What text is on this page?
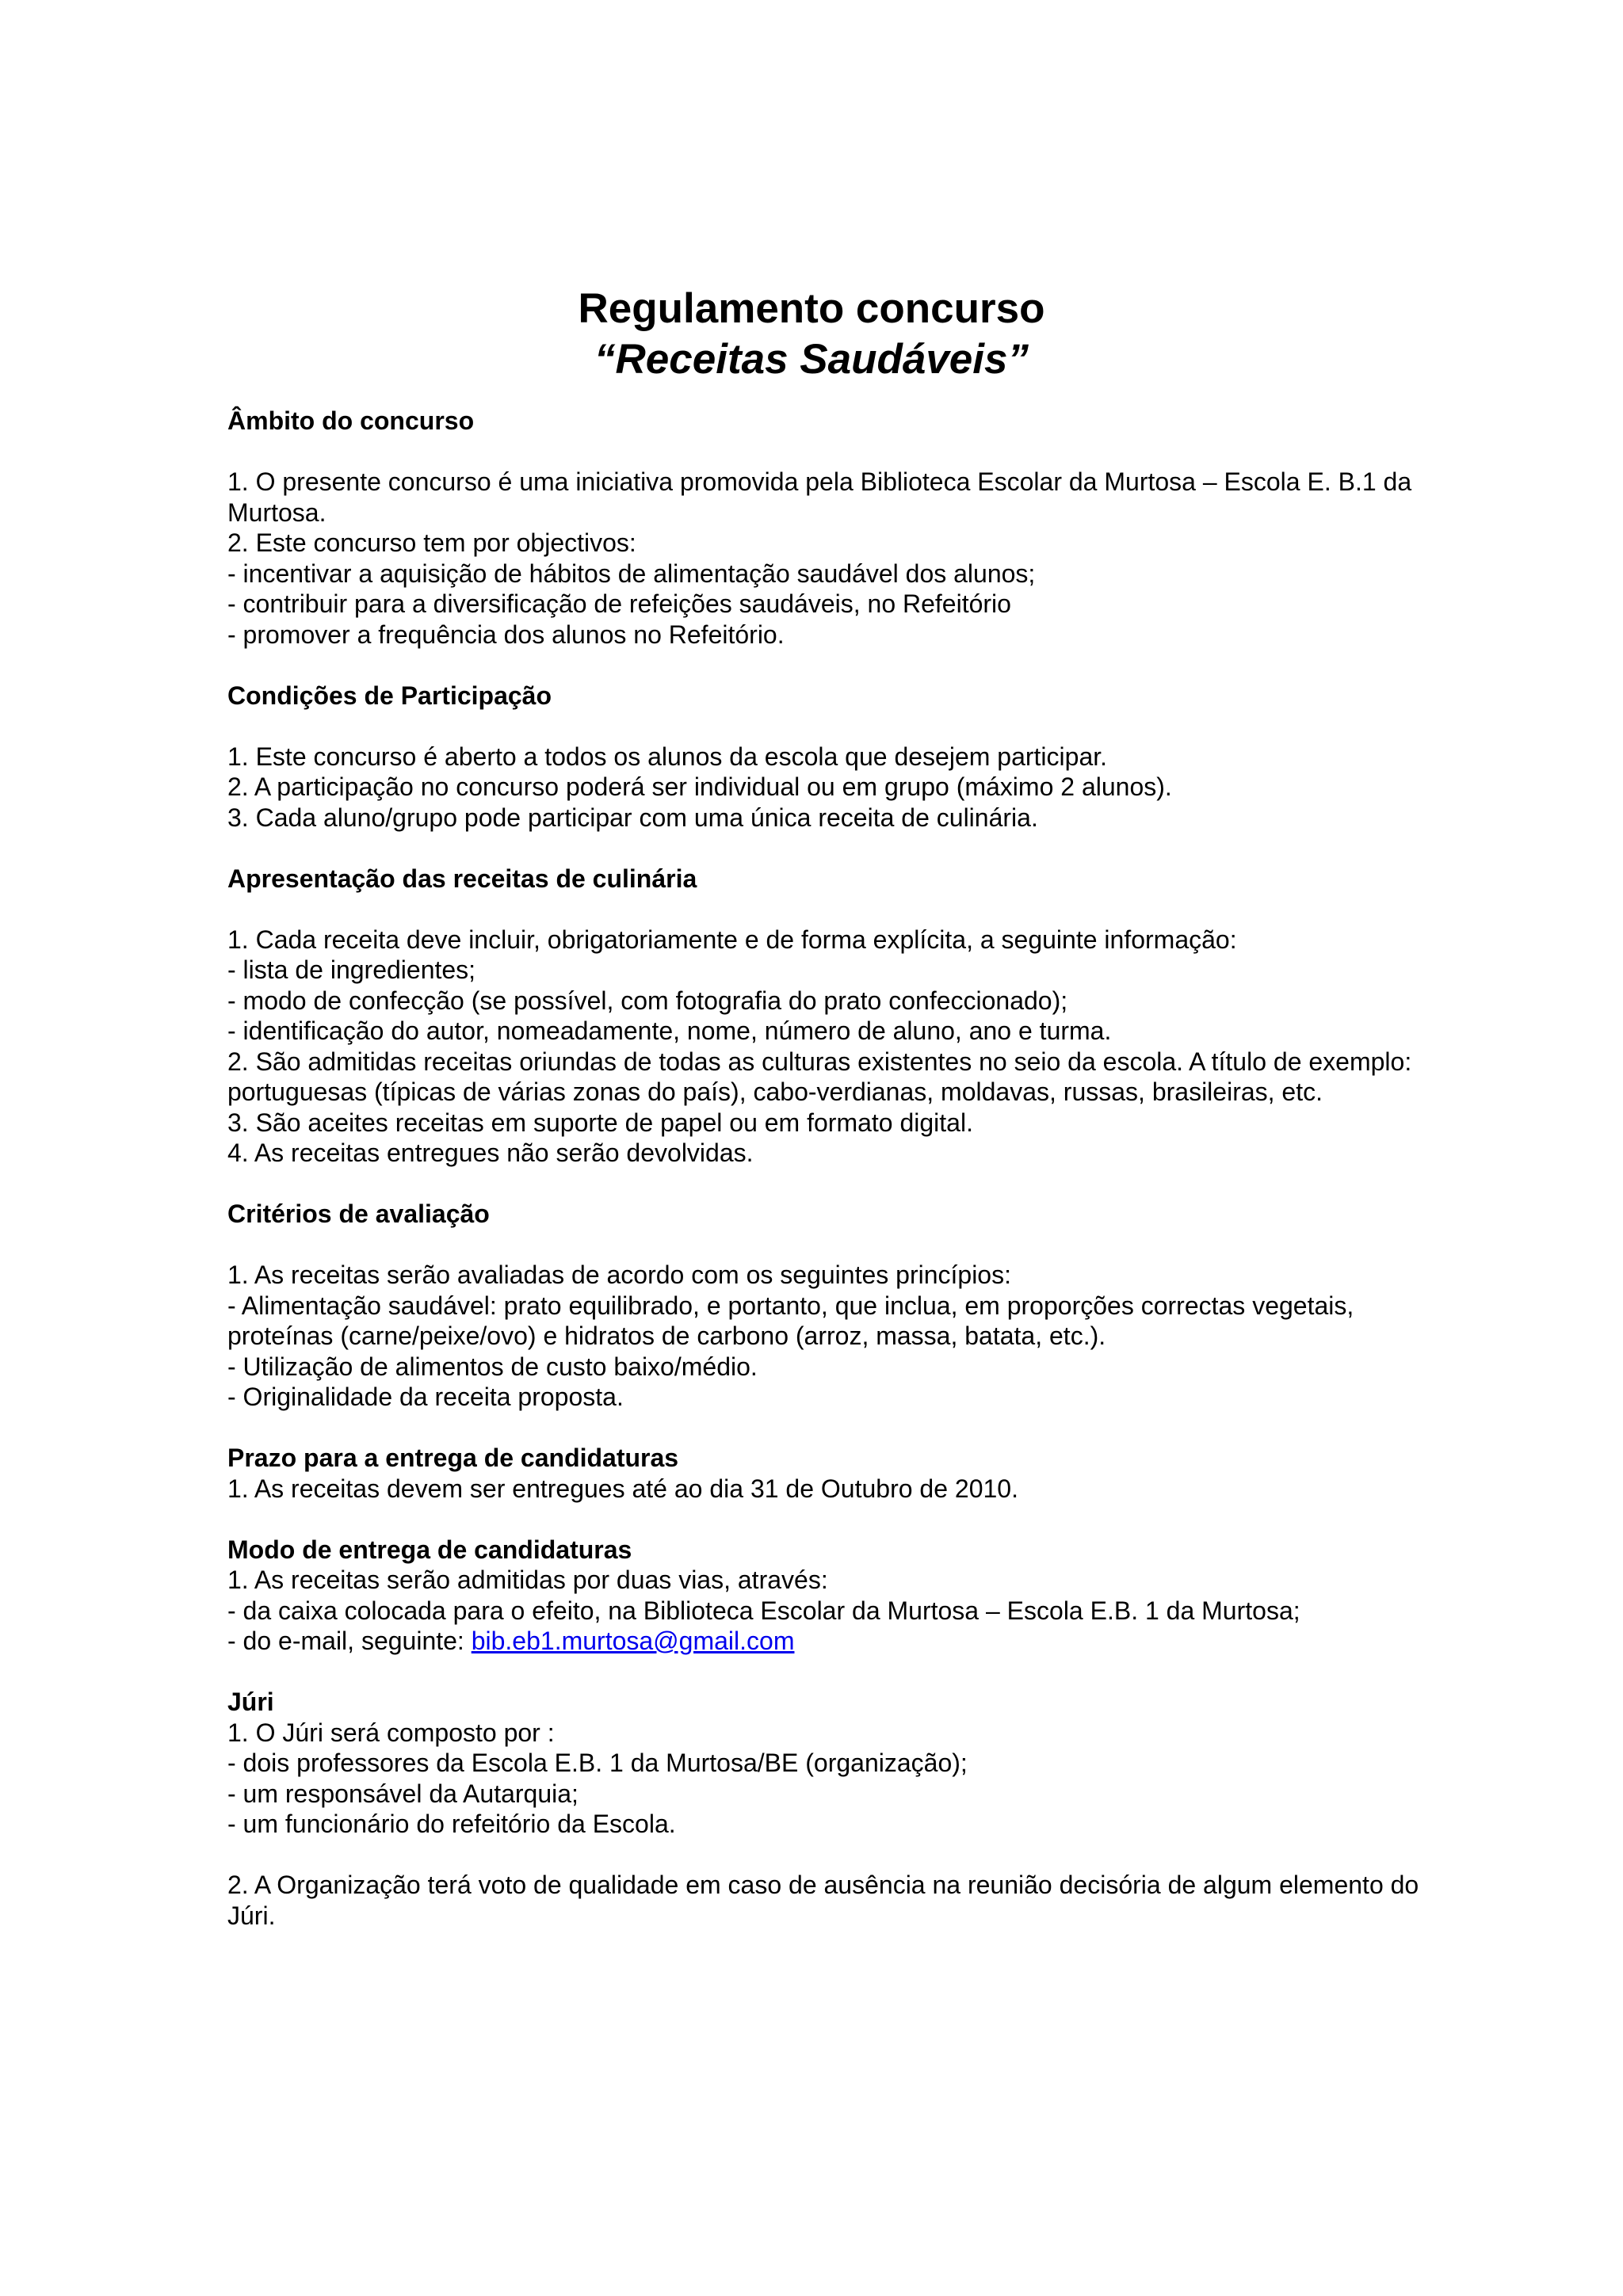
Regulamento concurso

“Receitas Saudáveis”

Âmbito do concurso

1. O presente concurso é uma iniciativa promovida pela Biblioteca Escolar da Murtosa – Escola E. B.1 da Murtosa.

2. Este concurso tem por objectivos:

- incentivar a aquisição de hábitos de alimentação saudável dos alunos;

- contribuir para a diversificação de refeições saudáveis, no Refeitório

- promover a frequência dos alunos no Refeitório.

Condições de Participação

1. Este concurso é aberto a todos os alunos da escola que desejem participar.

2. A participação no concurso poderá ser individual ou em grupo (máximo 2 alunos).

3. Cada aluno/grupo pode participar com uma única receita de culinária.

Apresentação das receitas de culinária

1. Cada receita deve incluir, obrigatoriamente e de forma explícita, a seguinte informação:

- lista de ingredientes;

- modo de confecção (se possível, com fotografia do prato confeccionado);

- identificação do autor, nomeadamente, nome, número de aluno, ano e turma.

2. São admitidas receitas oriundas de todas as culturas existentes no seio da escola. A título de exemplo:

portuguesas (típicas de várias zonas do país), cabo-verdianas, moldavas, russas, brasileiras, etc.

3. São aceites receitas em suporte de papel ou em formato digital.

4. As receitas entregues não serão devolvidas.

Critérios de avaliação

1. As receitas serão avaliadas de acordo com os seguintes princípios:

- Alimentação saudável: prato equilibrado, e portanto, que inclua, em proporções correctas vegetais, proteínas (carne/peixe/ovo) e hidratos de carbono (arroz, massa, batata, etc.).

- Utilização de alimentos de custo baixo/médio.

- Originalidade da receita proposta.

Prazo para a entrega de candidaturas

1. As receitas devem ser entregues até ao dia 31 de Outubro de 2010.

Modo de entrega de candidaturas

1. As receitas serão admitidas por duas vias, através:

- da caixa colocada para o efeito, na Biblioteca Escolar da Murtosa – Escola E.B. 1 da Murtosa;

- do e-mail, seguinte: bib.eb1.murtosa@gmail.com

Júri

1. O Júri será composto por :

- dois professores da Escola E.B. 1 da Murtosa/BE (organização);

- um responsável da Autarquia;

- um funcionário do refeitório da Escola.

2. A Organização terá voto de qualidade em caso de ausência na reunião decisória de algum elemento do Júri.
